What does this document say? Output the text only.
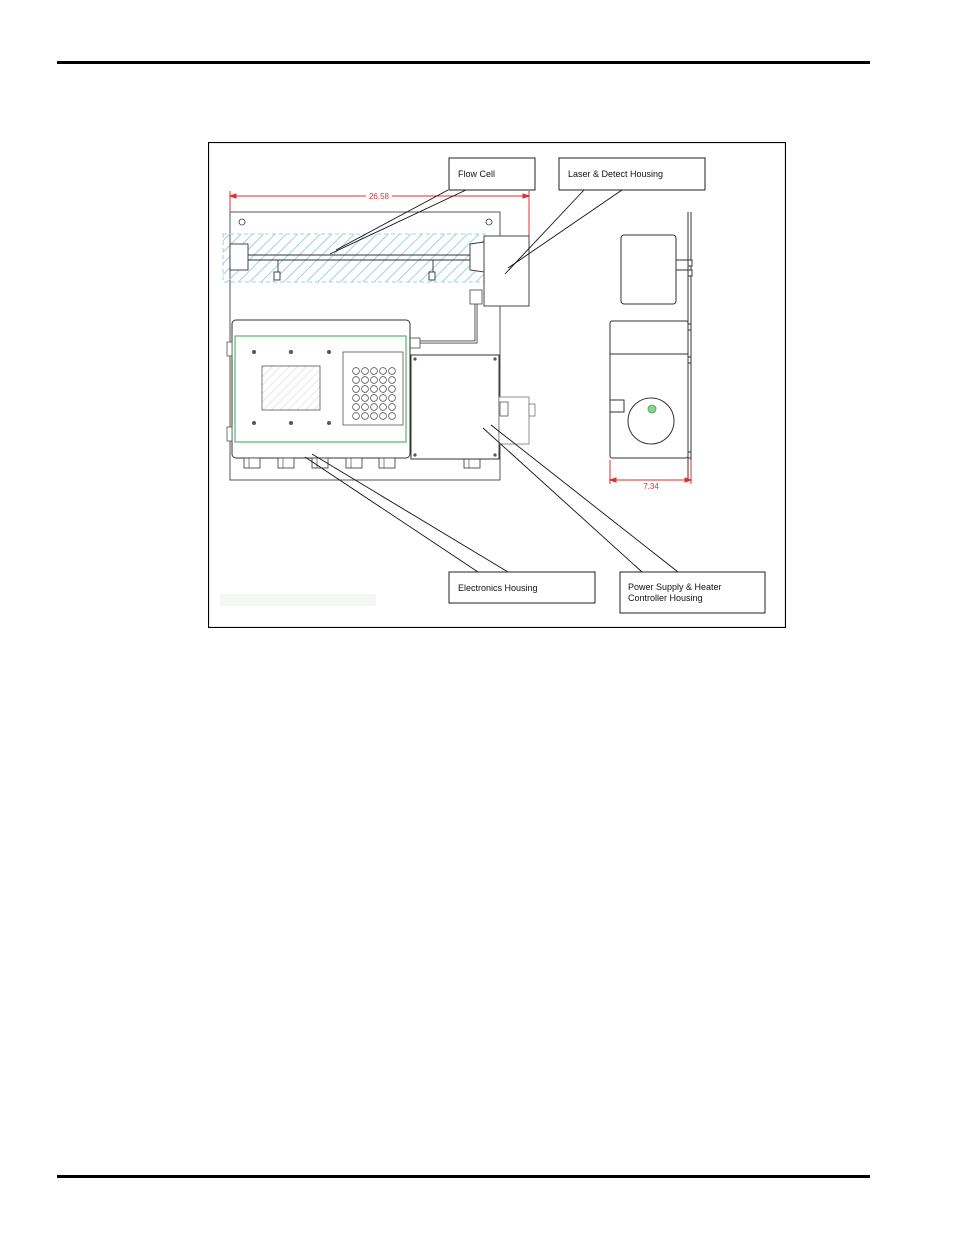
26.58
7.34
Flow Cell	Laser & Detect Housing
Electronics Housing	Power Supply & Heater
Controller Housing
